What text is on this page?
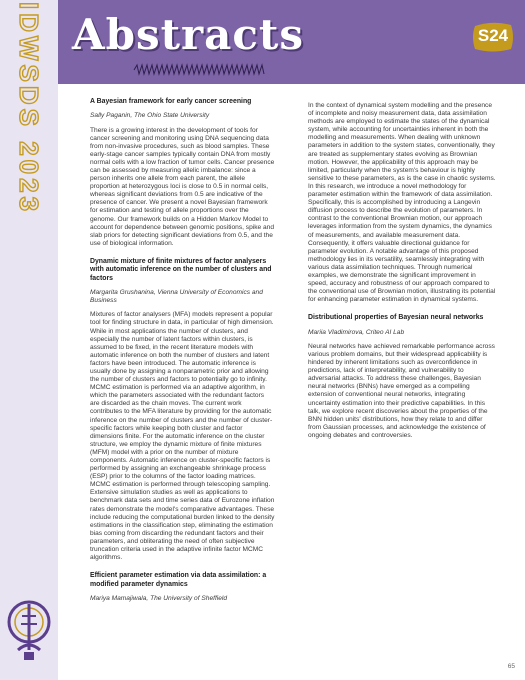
IDWSDS 2023 Abstracts	S24

A Bayesian framework for early cancer screening

Sally Paganin, The Ohio State University

There is a growing interest in the development of tools for cancer screening and monitoring using DNA sequencing data from non-invasive procedures, such as blood samples. These early-stage cancer samples typically contain DNA from mostly normal cells with a low fraction of tumor cells. Cancer presence can be assessed by measuring allelic imbalance: since a person inherits one allele from each parent, the allele proportion at heterozygous loci is close to 0.5 in normal cells, whereas significant deviations from 0.5 are indicative of the presence of cancer. We present a novel Bayesian framework for estimation and testing of allele proportions over the genome. Our framework builds on a Hidden Markov Model to account for dependence between genomic positions, spike and slab priors for detecting significant deviations from 0.5, and the use of biological information.

Dynamic mixture of finite mixtures of factor analysers with automatic inference on the number of clusters and factors

Margarita Grushanina, Vienna University of Economics and Business

Mixtures of factor analysers (MFA) models represent a popular tool for finding structure in data, in particular of high dimension. While in most applications the number of clusters, and especially the number of latent factors within clusters, is assumed to be fixed, in the recent literature models with automatic inference on both the number of clusters and latent factors have been introduced. The automatic inference is usually done by assigning a nonparametric prior and allowing the number of clusters and factors to potentially go to infinity. MCMC estimation is performed via an adaptive algorithm, in which the parameters associated with the redundant factors are discarded as the chain moves. The current work contributes to the MFA literature by providing for the automatic inference on the number of clusters and the number of cluster-specific factors while keeping both cluster and factor dimensions finite. For the automatic inference on the cluster structure, we employ the dynamic mixture of finite mixtures (MFM) model with a prior on the number of mixture components. Automatic inference on cluster-specific factors is performed by assigning an exchangeable shrinkage process (ESP) prior to the columns of the factor loading matrices. MCMC estimation is performed through telescoping sampling. Extensive simulation studies as well as applications to benchmark data sets and time series data of Eurozone inflation rates demonstrate the model's comparative advantages. These include reducing the computational burden linked to the density estimations in the classification step, eliminating the estimation bias coming from discarding the redundant factors and their parameters, and obliterating the need of often subjective truncation criteria used in the adaptive infinite factor MCMC algorithms.

Efficient parameter estimation via data assimilation: a modified parameter dynamics

Mariya Mamajiwala, The University of Sheffield

In the context of dynamical system modelling and the presence of incomplete and noisy measurement data, data assimilation methods are employed to estimate the states of the dynamical system, while accounting for uncertainties inherent in both the modelling and measurements. When dealing with unknown parameters in addition to the system states, conventionally, they are treated as supplementary states evolving as Brownian motion. However, the applicability of this approach may be limited, particularly when the system's behaviour is highly sensitive to these parameters, as is the case in chaotic systems. In this research, we introduce a novel methodology for parameter estimation within the framework of data assimilation. Specifically, this is accomplished by introducing a Langevin diffusion process to describe the evolution of parameters. In contrast to the conventional Brownian motion, our approach leverages information from the system dynamics, the dynamics of measurements, and available measurement data. Consequently, it offers valuable directional guidance for parameter evolution. A notable advantage of this proposed methodology lies in its versatility, seamlessly integrating with various data assimilation techniques. Through numerical examples, we demonstrate the significant improvement in speed, accuracy and robustness of our approach compared to the conventional use of Brownian motion, illustrating its potential for enhancing parameter estimation in dynamical systems.

Distributional properties of Bayesian neural networks

Mariia Vladimirova, Criteo AI Lab

Neural networks have achieved remarkable performance across various problem domains, but their widespread applicability is hindered by inherent limitations such as overconfidence in predictions, lack of interpretability, and vulnerability to adversarial attacks. To address these challenges, Bayesian neural networks (BNNs) have emerged as a compelling extension of conventional neural networks, integrating uncertainty estimation into their predictive capabilities. In this talk, we explore recent discoveries about the properties of the BNN hidden units' distributions, how they relate to and differ from Gaussian processes, and acknowledge the existence of ongoing debates and controversies.

65
